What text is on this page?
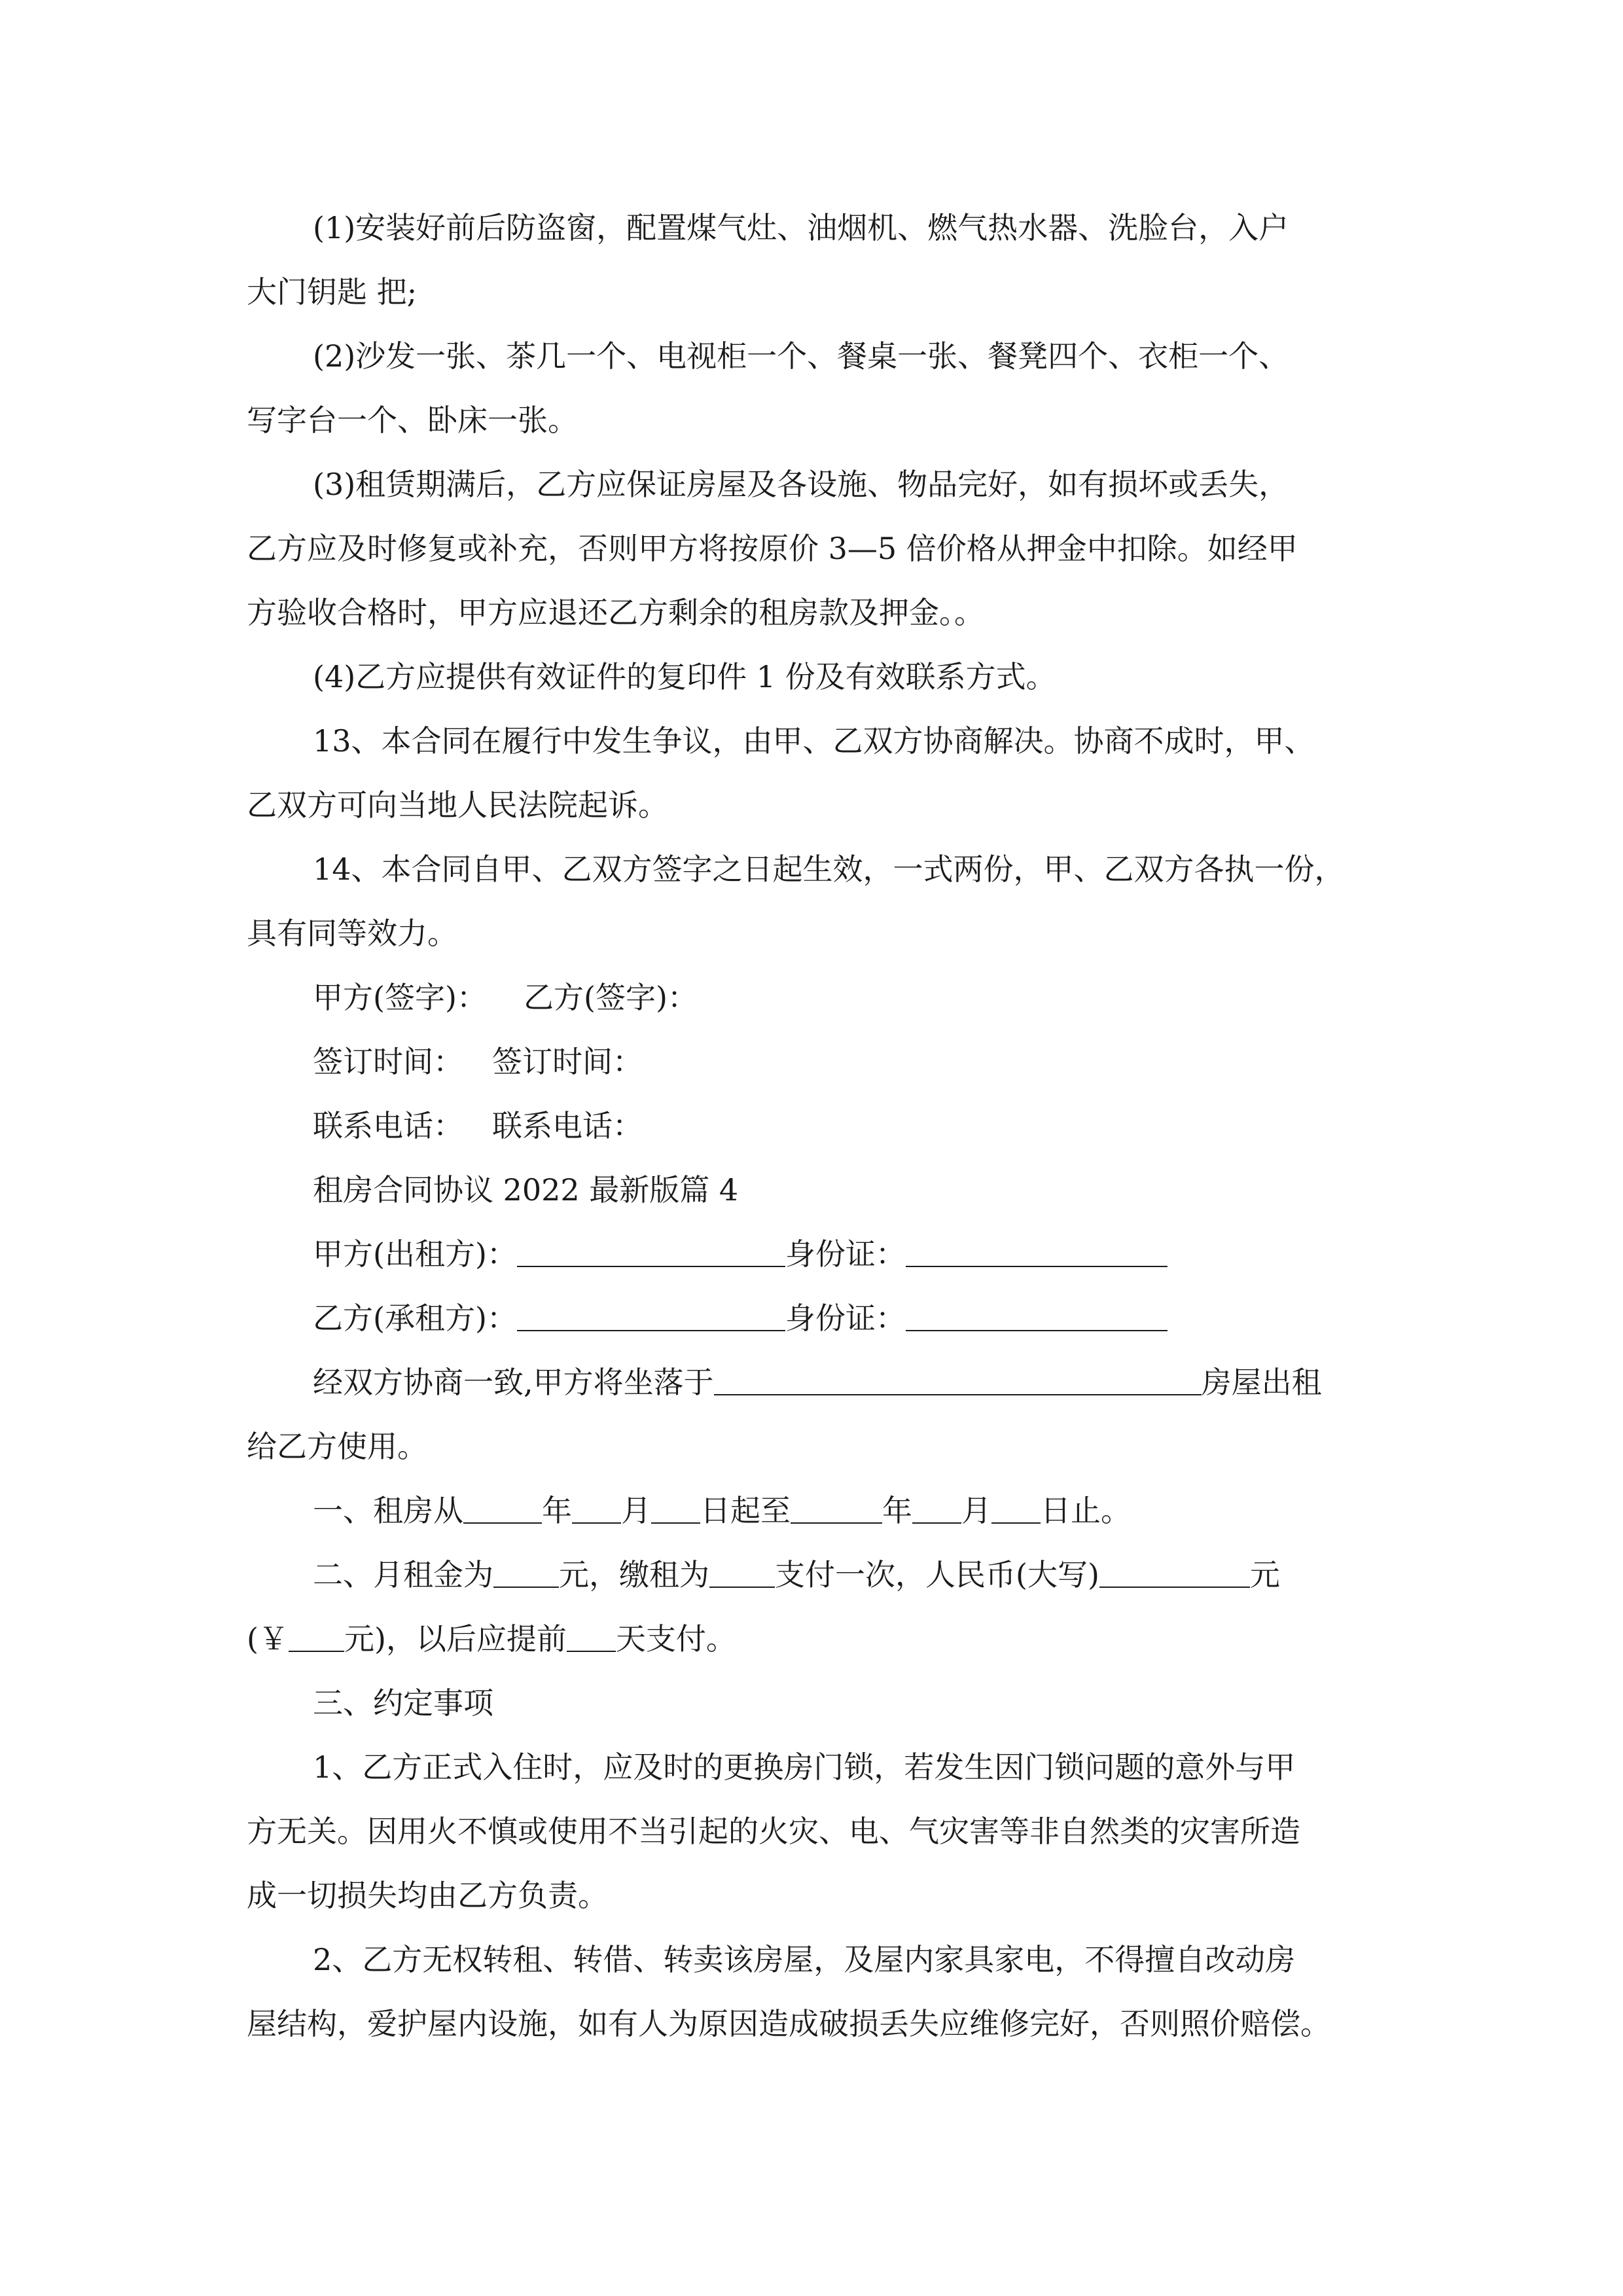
(1)安装好前后防盗窗，配置煤气灶、油烟机、燃气热水器、洗脸台，入户
大门钥匙 把;
(2)沙发一张、茶几一个、电视柜一个、餐桌一张、餐凳四个、衣柜一个、
写字台一个、卧床一张。
(3)租赁期满后，乙方应保证房屋及各设施、物品完好，如有损坏或丢失，
乙方应及时修复或补充，否则甲方将按原价 3—5 倍价格从押金中扣除。如经甲
方验收合格时，甲方应退还乙方剩余的租房款及押金。。
(4)乙方应提供有效证件的复印件 1 份及有效联系方式。
13、本合同在履行中发生争议，由甲、乙双方协商解决。协商不成时，甲、
乙双方可向当地人民法院起诉。
14、本合同自甲、乙双方签字之日起生效，一式两份，甲、乙双方各执一份，
具有同等效力。
甲方(签字)： 乙方(签字)：
签订时间： 签订时间：
联系电话： 联系电话：
租房合同协议 2022 最新版篇 4
甲方(出租方)：	身份证：
乙方(承租方)：	身份证：
经双方协商一致,甲方将坐落于	房屋出租
给乙方使用。
一、租房从	年 月 日起至	年 月 日止。
二、月租金为 元，缴租为 支付一次，人民币(大写)	元
(￥ 元)，以后应提前 天支付。
三、约定事项
1、乙方正式入住时，应及时的更换房门锁，若发生因门锁问题的意外与甲
方无关。因用火不慎或使用不当引起的火灾、电、气灾害等非自然类的灾害所造
成一切损失均由乙方负责。
2、乙方无权转租、转借、转卖该房屋，及屋内家具家电，不得擅自改动房
屋结构，爱护屋内设施，如有人为原因造成破损丢失应维修完好，否则照价赔偿。
